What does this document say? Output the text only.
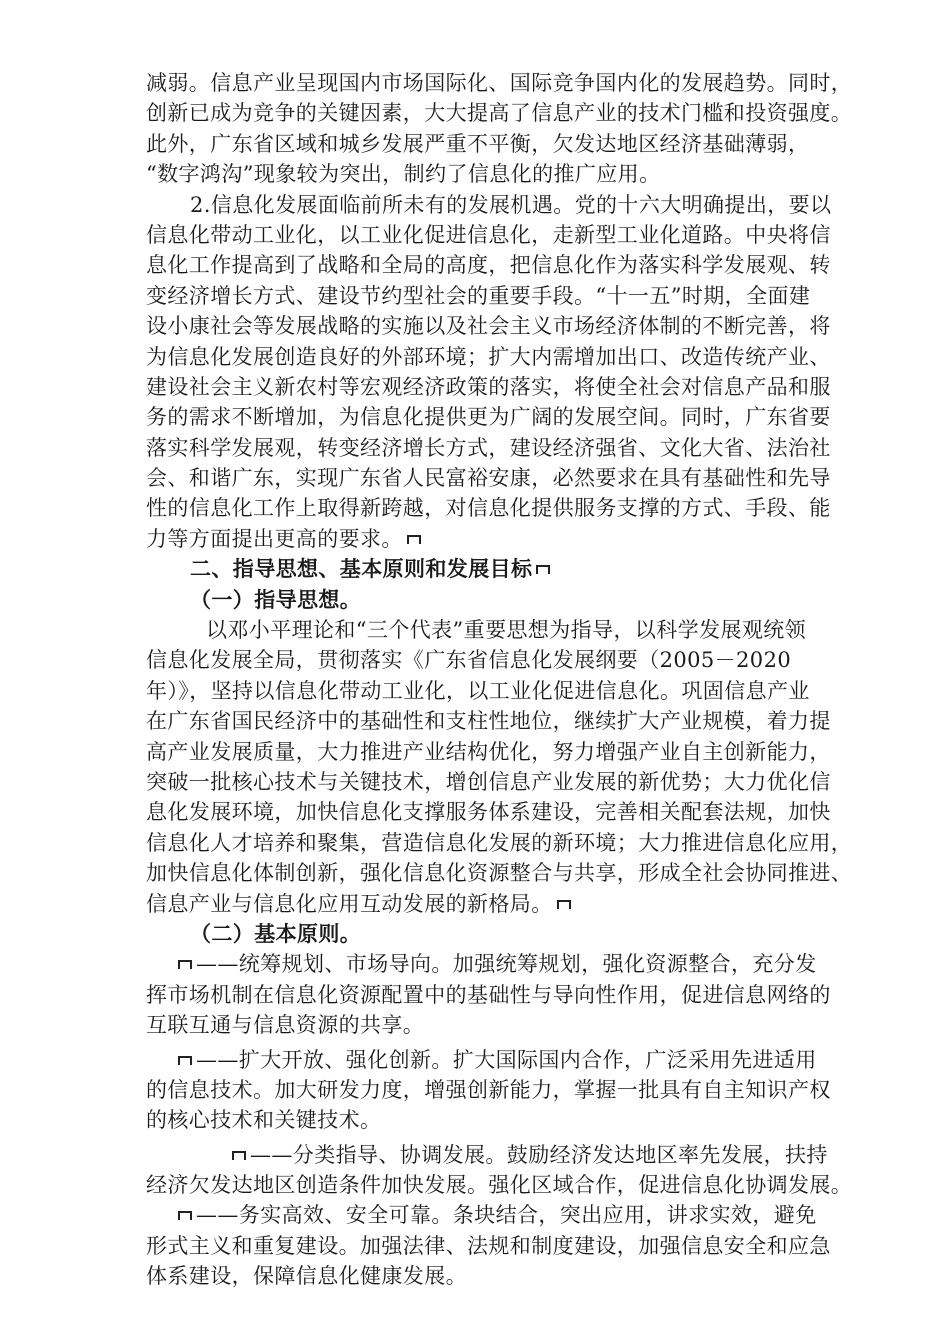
减弱。信息产业呈现国内市场国际化、国际竞争国内化的发展趋势。同时，
创新已成为竞争的关键因素，大大提高了信息产业的技术门槛和投资强度。
此外，广东省区域和城乡发展严重不平衡，欠发达地区经济基础薄弱，
“数字鸿沟”现象较为突出，制约了信息化的推广应用。
2.信息化发展面临前所未有的发展机遇。党的十六大明确提出，要以
信息化带动工业化，以工业化促进信息化，走新型工业化道路。中央将信
息化工作提高到了战略和全局的高度，把信息化作为落实科学发展观、转
变经济增长方式、建设节约型社会的重要手段。“十一五”时期，全面建
设小康社会等发展战略的实施以及社会主义市场经济体制的不断完善，将
为信息化发展创造良好的外部环境；扩大内需增加出口、改造传统产业、
建设社会主义新农村等宏观经济政策的落实，将使全社会对信息产品和服
务的需求不断增加，为信息化提供更为广阔的发展空间。同时，广东省要
落实科学发展观，转变经济增长方式，建设经济强省、文化大省、法治社
会、和谐广东，实现广东省人民富裕安康，必然要求在具有基础性和先导
性的信息化工作上取得新跨越，对信息化提供服务支撑的方式、手段、能
力等方面提出更高的要求。
二、指导思想、基本原则和发展目标
（一）指导思想。
以邓小平理论和“三个代表”重要思想为指导，以科学发展观统领
信息化发展全局，贯彻落实《广东省信息化发展纲要（2005－2020
年）》，坚持以信息化带动工业化，以工业化促进信息化。巩固信息产业
在广东省国民经济中的基础性和支柱性地位，继续扩大产业规模，着力提
高产业发展质量，大力推进产业结构优化，努力增强产业自主创新能力，
突破一批核心技术与关键技术，增创信息产业发展的新优势；大力优化信
息化发展环境，加快信息化支撑服务体系建设，完善相关配套法规，加快
信息化人才培养和聚集，营造信息化发展的新环境；大力推进信息化应用，
加快信息化体制创新，强化信息化资源整合与共享，形成全社会协同推进、
信息产业与信息化应用互动发展的新格局。
（二）基本原则。
——统筹规划、市场导向。加强统筹规划，强化资源整合，充分发
挥市场机制在信息化资源配置中的基础性与导向性作用，促进信息网络的
互联互通与信息资源的共享。
——扩大开放、强化创新。扩大国际国内合作，广泛采用先进适用
的信息技术。加大研发力度，增强创新能力，掌握一批具有自主知识产权
的核心技术和关键技术。
——分类指导、协调发展。鼓励经济发达地区率先发展，扶持
经济欠发达地区创造条件加快发展。强化区域合作，促进信息化协调发展。
——务实高效、安全可靠。条块结合，突出应用，讲求实效，避免
形式主义和重复建设。加强法律、法规和制度建设，加强信息安全和应急
体系建设，保障信息化健康发展。
